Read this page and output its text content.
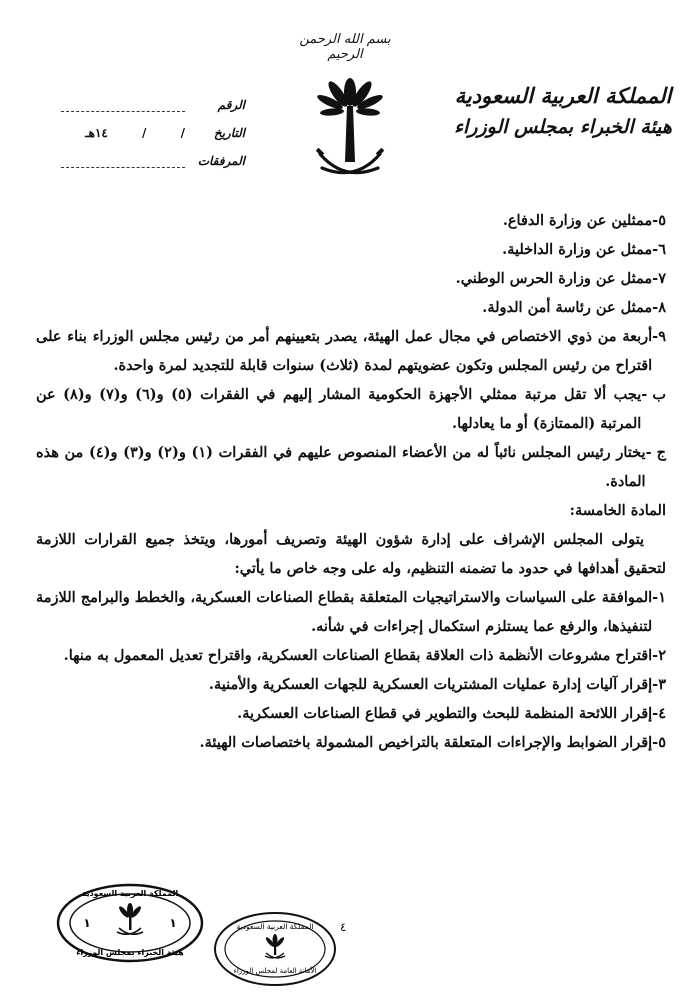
بسم الله الرحمن الرحيم
المملكة العربية السعودية
هيئة الخبراء بمجلس الوزراء
الرقم
التاريخ
/ / ١٤هـ
المرفقات
٥-
ممثلين عن وزارة الدفاع.
٦-
ممثل عن وزارة الداخلية.
٧-
ممثل عن وزارة الحرس الوطني.
٨-
ممثل عن رئاسة أمن الدولة.
٩-
أربعة من ذوي الاختصاص في مجال عمل الهيئة، يصدر بتعيينهم أمر من رئيس مجلس الوزراء بناء على اقتراح من رئيس المجلس وتكون عضويتهم لمدة (ثلاث) سنوات قابلة للتجديد لمرة واحدة.
ب -
يجب ألا تقل مرتبة ممثلي الأجهزة الحكومية المشار إليهم في الفقرات (٥) و(٦) و(٧) و(٨) عن المرتبة (الممتازة) أو ما يعادلها.
ج -
يختار رئيس المجلس نائباً له من الأعضاء المنصوص عليهم في الفقرات (١) و(٢) و(٣) و(٤) من هذه المادة.

المادة الخامسة:

يتولى المجلس الإشراف على إدارة شؤون الهيئة وتصريف أمورها، ويتخذ جميع القرارات اللازمة لتحقيق أهدافها في حدود ما تضمنه التنظيم، وله على وجه خاص ما يأتي:

١-
الموافقة على السياسات والاستراتيجيات المتعلقة بقطاع الصناعات العسكرية، والخطط والبرامج اللازمة لتنفيذها، والرفع عما يستلزم استكمال إجراءات في شأنه.
٢-
اقتراح مشروعات الأنظمة ذات العلاقة بقطاع الصناعات العسكرية، واقتراح تعديل المعمول به منها.
٣-
إقرار آليات إدارة عمليات المشتريات العسكرية للجهات العسكرية والأمنية.
٤-
إقرار اللائحة المنظمة للبحث والتطوير في قطاع الصناعات العسكرية.
٥-
إقرار الضوابط والإجراءات المتعلقة بالتراخيص المشمولة باختصاصات الهيئة.
المملكة العربية السعودية
هيئة الخبراء بمجلس الوزراء
١	١	المملكة العربية السعودية
الأمانة العامة لمجلس الوزراء
٤
